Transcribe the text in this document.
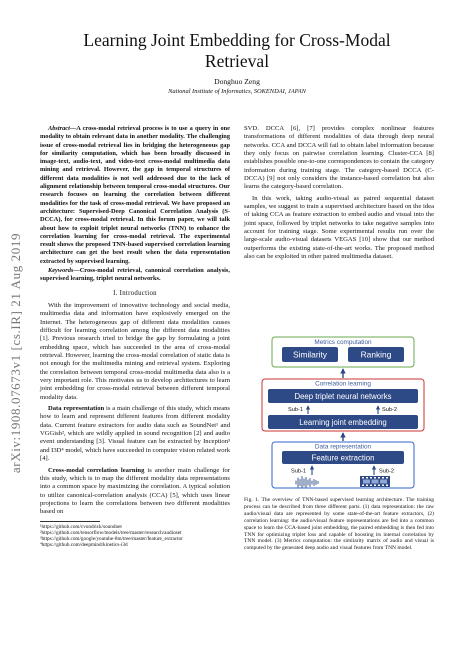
Learning Joint Embedding for Cross-Modal
Retrieval
Donghuo Zeng
National Institute of Informatics, SOKENDAI, JAPAN
arXiv:1908.07673v1 [cs.IR] 21 Aug 2019

Abstract—A cross-modal retrieval process is to use a query in one modality to obtain relevant data in another modality. The challenging issue of cross-modal retrieval lies in bridging the heterogeneous gap for similarity computation, which has been broadly discussed in image-text, audio-text, and video-text cross-modal multimedia data mining and retrieval. However, the gap in temporal structures of different data modalities is not well addressed due to the lack of alignment relationship between temporal cross-modal structures. Our research focuses on learning the correlation between different modalities for the task of cross-modal retrieval. We have proposed an architecture: Supervised-Deep Canonical Correlation Analysis (S-DCCA), for cross-modal retrieval. In this forum paper, we will talk about how to exploit triplet neural networks (TNN) to enhance the correlation learning for cross-modal retrieval. The experimental result shows the proposed TNN-based supervised correlation learning architecture can get the best result when the data representation extracted by supervised learning.

Keywords—Cross-modal retrieval, canonical correlation analysis, supervised learning, triplet neural networks.

I. Introduction

With the improvement of innovative technology and social media, multimedia data and information have explosively emerged on the Internet. The heterogeneous gap of different data modalities causes difficult for learning correlation among the different data modalities [1]. Previous research tried to bridge the gap by formulating a joint embedding space, which has succeeded in the area of cross-modal retrieval. However, learning the cross-modal correlation of static data is not enough for the multimedia mining and retrieval system. Exploring the correlation between temporal cross-modal multimedia data also is a very important role. This motivates us to develop architectures to learn joint embedding for cross-modal retrieval between different temporal modality data.

Data representation is a main challenge of this study, which means how to learn and represent different features from different modality data. Current feature extractors for audio data such as SoundNet¹ and VGGish², which are wildly applied in sound recognition [2] and audio event understanding [3]. Visual feature can be extracted by Inception³ and I3D⁴ model, which have succeeded in computer vision related work [4].

Cross-modal correlation learning is another main challenge for this study, which is to map the different modality data representations into a common space by maximizing the correlation. A typical solution to utilize canonical-correlation analysis (CCA) [5], which uses linear projections to learn the correlations between two different modalities based on

¹https://github.com/cvondrick/soundnet

²https://github.com/tensorflow/models/tree/master/research/audioset

³https://github.com/google/youtube-8m/tree/master/feature_extractor

⁴https://github.com/deepmind/kinetics-i3d

SVD. DCCA [6], [7] provides complex nonlinear features transformations of different modalities of data through deep neural networks. CCA and DCCA will fail to obtain label information because they only focus on pairwise correlation learning. Cluster-CCA [8] establishes possible one-to-one correspondences to contain the category information during training stage. The category-based DCCA (C-DCCA) [9] not only considers the instance-based correlation but also learns the category-based correlation.

In this work, taking audio-visual as paired sequential dataset samples, we suggest to train a supervised architecture based on the idea of taking CCA as feature extraction to embed audio and visual into the joint space, followed by triplet networks to take negative samples into account for training stage. Some experimental results run over the large-scale audio-visual datasets VEGAS [10] show that our method outperforms the existing state-of-the-art works. The proposed method also can be exploited in other paired multimedia dataset.

Metrics computation
Similarity	Ranking
Correlation learning
Deep triplet neural networks
Sub-1	Sub-2
Learning joint embedding
Data representation
Feature extraction
Sub-1	Sub-2
Fig. 1. The overview of TNN-based supervised learning architecture. The training process can be described from three different parts. (1) data representation: the raw audio/visual data are represented by some state-of-the-art feature extractors, (2) correlation learning: the audio/visual feature representations are fed into a common space to learn the CCA-based joint embedding, the paired embedding is then fed into TNN for optimizing triplet loss and capable of boosting its internal correlation by TNN model. (3) Metrics computation: the similarity matrix of audio and visual is computed by the generated deep audio and visual features from TNN model.
